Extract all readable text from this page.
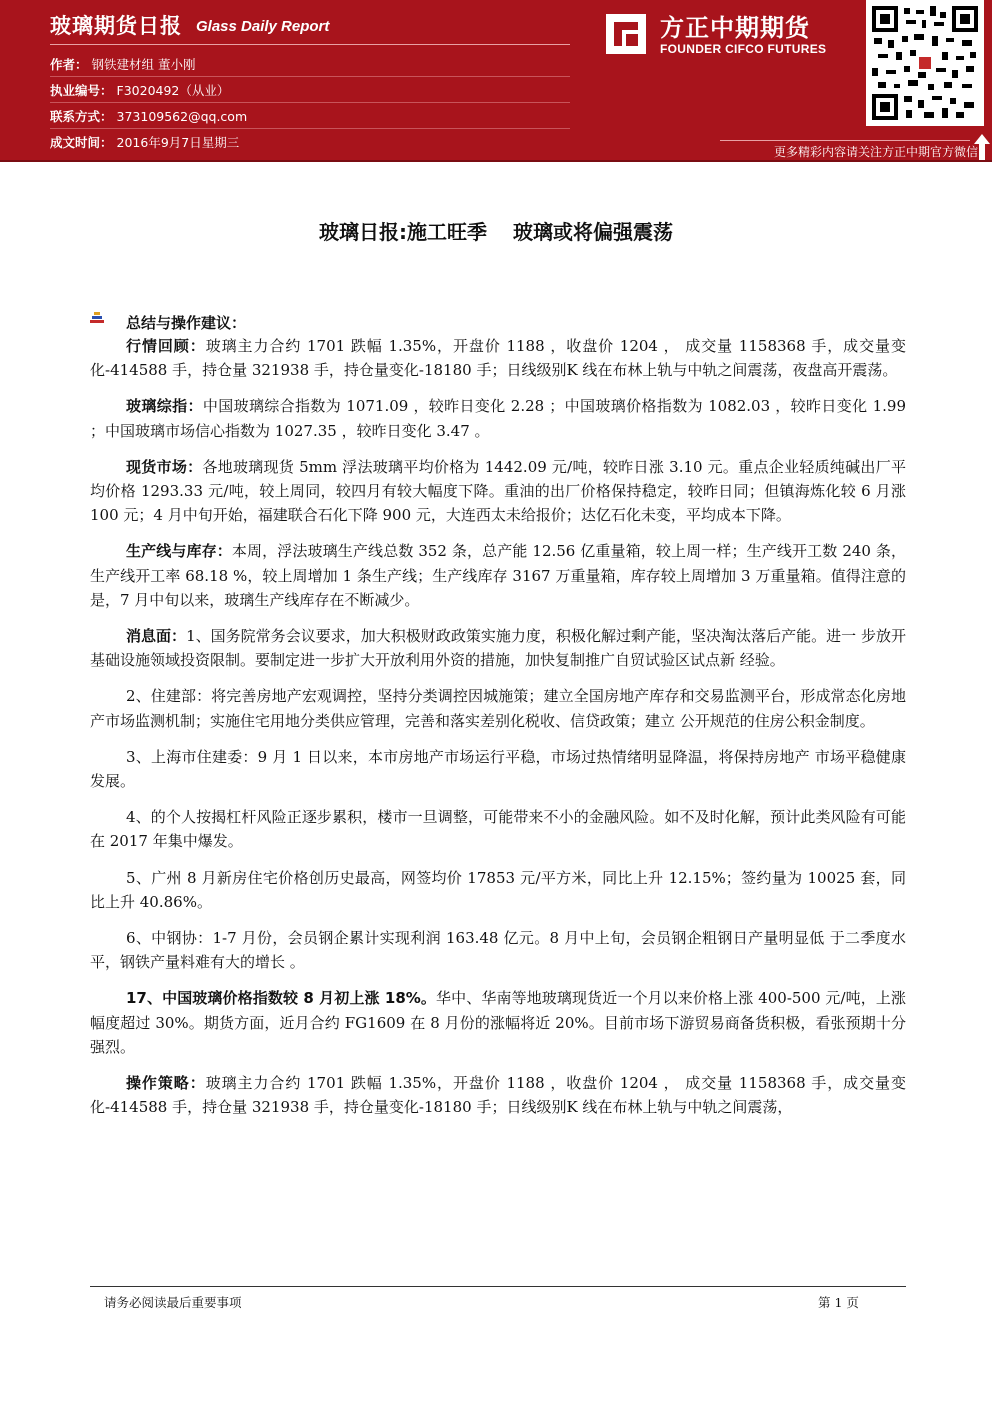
玻璃期货日报 Glass Daily Report
作者： 钢铁建材组 董小刚
执业编号： F3020492（从业）
联系方式： 373109562@qq.com
成文时间： 2016年9月7日星期三
方正中期期货
FOUNDER CIFCO FUTURES
更多精彩内容请关注方正中期官方微信
玻璃日报:施工旺季 玻璃或将偏强震荡
总结与操作建议：

行情回顾：玻璃主力合约 1701 跌幅 1.35%，开盘价 1188 ，收盘价 1204 ， 成交量 1158368 手，成交量变化-414588 手，持仓量 321938 手，持仓量变化-18180 手；日线级别K 线在布林上轨与中轨之间震荡，夜盘高开震荡。

玻璃综指：中国玻璃综合指数为 1071.09 ，较昨日变化 2.28 ；中国玻璃价格指数为 1082.03 ，较昨日变化 1.99 ；中国玻璃市场信心指数为 1027.35 ，较昨日变化 3.47 。

现货市场：各地玻璃现货 5mm 浮法玻璃平均价格为 1442.09 元/吨，较昨日涨 3.10 元。重点企业轻质纯碱出厂平均价格 1293.33 元/吨，较上周同，较四月有较大幅度下降。重油的出厂价格保持稳定，较昨日同；但镇海炼化较 6 月涨 100 元；4 月中旬开始，福建联合石化下降 900 元，大连西太未给报价；达亿石化未变，平均成本下降。

生产线与库存：本周，浮法玻璃生产线总数 352 条，总产能 12.56 亿重量箱，较上周一样；生产线开工数 240 条，生产线开工率 68.18 %，较上周增加 1 条生产线；生产线库存 3167 万重量箱，库存较上周增加 3 万重量箱。值得注意的是，7 月中旬以来，玻璃生产线库存在不断减少。

消息面：1、国务院常务会议要求，加大积极财政政策实施力度，积极化解过剩产能，坚决淘汰落后产能。进一 步放开基础设施领域投资限制。要制定进一步扩大开放利用外资的措施，加快复制推广自贸试验区试点新 经验。

2、住建部：将完善房地产宏观调控，坚持分类调控因城施策；建立全国房地产库存和交易监测平台，形成常态化房地产市场监测机制；实施住宅用地分类供应管理，完善和落实差别化税收、信贷政策；建立 公开规范的住房公积金制度。

3、上海市住建委：9 月 1 日以来，本市房地产市场运行平稳，市场过热情绪明显降温，将保持房地产 市场平稳健康发展。

4、的个人按揭杠杆风险正逐步累积，楼市一旦调整，可能带来不小的金融风险。如不及时化解，预计此类风险有可能在 2017 年集中爆发。

5、广州 8 月新房住宅价格创历史最高，网签均价 17853 元/平方米，同比上升 12.15%；签约量为 10025 套，同比上升 40.86%。

6、中钢协：1-7 月份，会员钢企累计实现利润 163.48 亿元。8 月中上旬，会员钢企粗钢日产量明显低 于二季度水平，钢铁产量料难有大的增长 。

17、中国玻璃价格指数较 8 月初上涨 18%。华中、华南等地玻璃现货近一个月以来价格上涨 400-500 元/吨，上涨幅度超过 30%。期货方面，近月合约 FG1609 在 8 月份的涨幅将近 20%。目前市场下游贸易商备货积极，看张预期十分强烈。

操作策略：玻璃主力合约 1701 跌幅 1.35%，开盘价 1188 ，收盘价 1204 ， 成交量 1158368 手，成交量变化-414588 手，持仓量 321938 手，持仓量变化-18180 手；日线级别K 线在布林上轨与中轨之间震荡，

请务必阅读最后重要事项	第 1 页
